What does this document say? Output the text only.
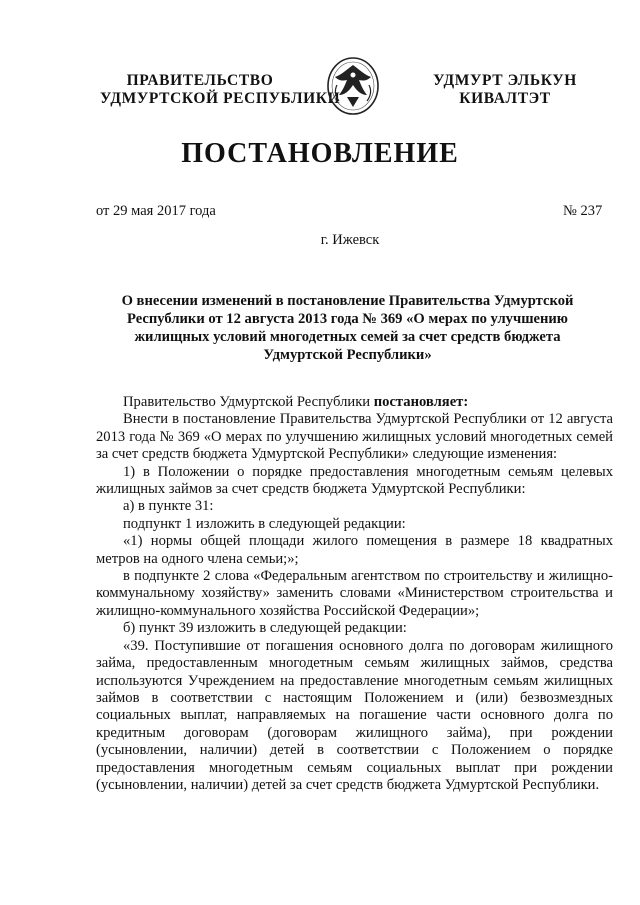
ПРАВИТЕЛЬСТВО
УДМУРТСКОЙ РЕСПУБЛИКИ
УДМУРТ ЭЛЬКУН
КИВАЛТЭТ
ПОСТАНОВЛЕНИЕ
от 29 мая 2017 года	№ 237
г. Ижевск
О внесении изменений в постановление Правительства Удмуртской Республики от 12 августа 2013 года № 369 «О мерах по улучшению жилищных условий многодетных семей за счет средств бюджета Удмуртской Республики»

Правительство Удмуртской Республики постановляет:

Внести в постановление Правительства Удмуртской Республики от 12 августа 2013 года № 369 «О мерах по улучшению жилищных условий многодетных семей за счет средств бюджета Удмуртской Республики» следующие изменения:

1) в Положении о порядке предоставления многодетным семьям целевых жилищных займов за счет средств бюджета Удмуртской Республики:

а) в пункте 31:

подпункт 1 изложить в следующей редакции:

«1) нормы общей площади жилого помещения в размере 18 квадратных метров на одного члена семьи;»;

в подпункте 2 слова «Федеральным агентством по строительству и жилищно-коммунальному хозяйству» заменить словами «Министерством строительства и жилищно-коммунального хозяйства Российской Федерации»;

б) пункт 39 изложить в следующей редакции:

«39. Поступившие от погашения основного долга по договорам жилищного займа, предоставленным многодетным семьям жилищных займов, средства используются Учреждением на предоставление многодетным семьям жилищных займов в соответствии с настоящим Положением и (или) безвозмездных социальных выплат, направляемых на погашение части основного долга по кредитным договорам (договорам жилищного займа), при рождении (усыновлении, наличии) детей в соответствии с Положением о порядке предоставления многодетным семьям социальных выплат при рождении (усыновлении, наличии) детей за счет средств бюджета Удмуртской Республики.
